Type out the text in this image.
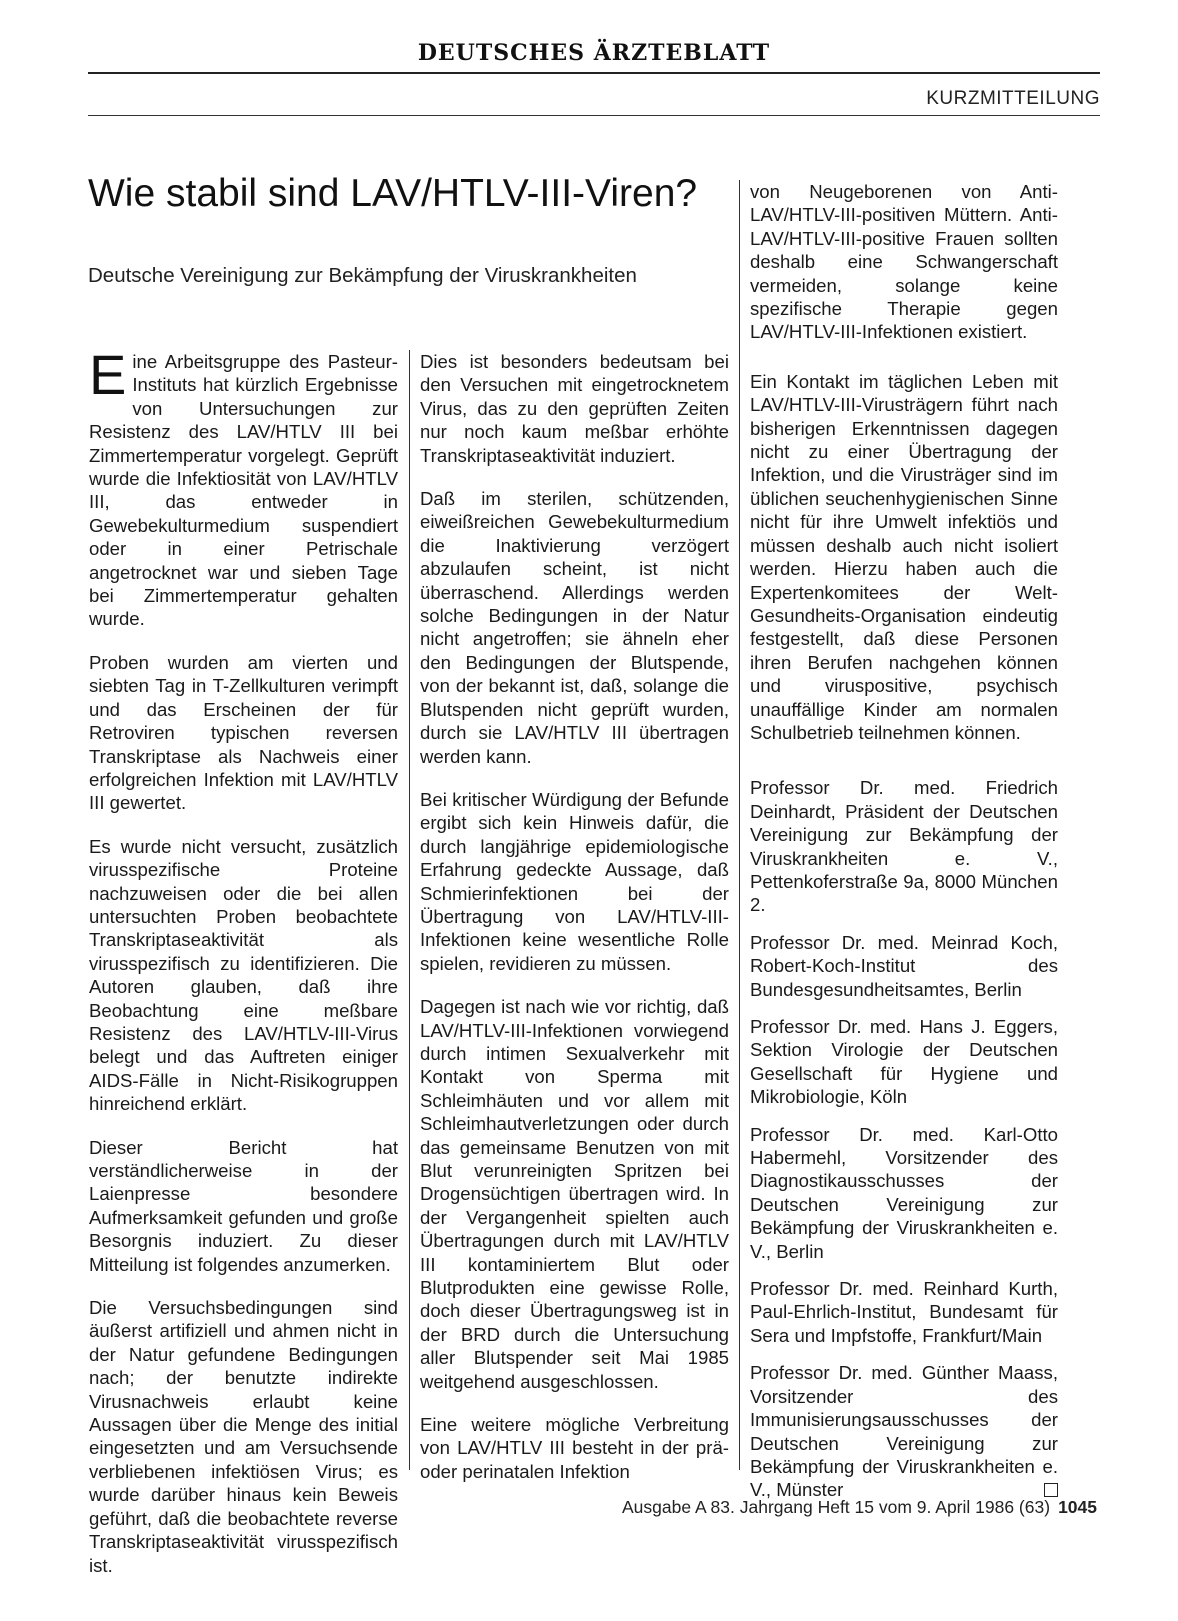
DEUTSCHES ÄRZTEBLATT
KURZMITTEILUNG
Wie stabil sind LAV/HTLV-III-Viren?
Deutsche Vereinigung zur Bekämpfung der Viruskrankheiten

Eine Arbeitsgruppe des Pasteur-Instituts hat kürzlich Ergebnisse von Untersuchungen zur Resistenz des LAV/HTLV III bei Zimmertemperatur vorgelegt. Geprüft wurde die Infektiosität von LAV/HTLV III, das entweder in Gewebekulturmedium suspendiert oder in einer Petrischale angetrocknet war und sieben Tage bei Zimmertemperatur gehalten wurde.

Proben wurden am vierten und siebten Tag in T-Zellkulturen verimpft und das Erscheinen der für Retroviren typischen reversen Transkriptase als Nachweis einer erfolgreichen Infektion mit LAV/HTLV III gewertet.

Es wurde nicht versucht, zusätzlich virusspezifische Proteine nachzuweisen oder die bei allen untersuchten Proben beobachtete Transkriptaseaktivität als virusspezifisch zu identifizieren. Die Autoren glauben, daß ihre Beobachtung eine meßbare Resistenz des LAV/HTLV-III-Virus belegt und das Auftreten einiger AIDS-Fälle in Nicht-Risikogruppen hinreichend erklärt.

Dieser Bericht hat verständlicherweise in der Laienpresse besondere Aufmerksamkeit gefunden und große Besorgnis induziert. Zu dieser Mitteilung ist folgendes anzumerken.

Die Versuchsbedingungen sind äußerst artifiziell und ahmen nicht in der Natur gefundene Bedingungen nach; der benutzte indirekte Virusnachweis erlaubt keine Aussagen über die Menge des initial eingesetzten und am Versuchsende verbliebenen infektiösen Virus; es wurde darüber hinaus kein Beweis geführt, daß die beobachtete reverse Transkriptaseaktivität virusspezifisch ist.

Dies ist besonders bedeutsam bei den Versuchen mit eingetrocknetem Virus, das zu den geprüften Zeiten nur noch kaum meßbar erhöhte Transkriptaseaktivität induziert.

Daß im sterilen, schützenden, eiweißreichen Gewebekulturmedium die Inaktivierung verzögert abzulaufen scheint, ist nicht überraschend. Allerdings werden solche Bedingungen in der Natur nicht angetroffen; sie ähneln eher den Bedingungen der Blutspende, von der bekannt ist, daß, solange die Blutspenden nicht geprüft wurden, durch sie LAV/HTLV III übertragen werden kann.

Bei kritischer Würdigung der Befunde ergibt sich kein Hinweis dafür, die durch langjährige epidemiologische Erfahrung gedeckte Aussage, daß Schmierinfektionen bei der Übertragung von LAV/HTLV-III-Infektionen keine wesentliche Rolle spielen, revidieren zu müssen.

Dagegen ist nach wie vor richtig, daß LAV/HTLV-III-Infektionen vorwiegend durch intimen Sexualverkehr mit Kontakt von Sperma mit Schleimhäuten und vor allem mit Schleimhautverletzungen oder durch das gemeinsame Benutzen von mit Blut verunreinigten Spritzen bei Drogensüchtigen übertragen wird. In der Vergangenheit spielten auch Übertragungen durch mit LAV/HTLV III kontaminiertem Blut oder Blutprodukten eine gewisse Rolle, doch dieser Übertragungsweg ist in der BRD durch die Untersuchung aller Blutspender seit Mai 1985 weitgehend ausgeschlossen.

Eine weitere mögliche Verbreitung von LAV/HTLV III besteht in der prä- oder perinatalen Infektion

von Neugeborenen von Anti-LAV/HTLV-III-positiven Müttern. Anti-LAV/HTLV-III-positive Frauen sollten deshalb eine Schwangerschaft vermeiden, solange keine spezifische Therapie gegen LAV/HTLV-III-Infektionen existiert.

Ein Kontakt im täglichen Leben mit LAV/HTLV-III-Virusträgern führt nach bisherigen Erkenntnissen dagegen nicht zu einer Übertragung der Infektion, und die Virusträger sind im üblichen seuchenhygienischen Sinne nicht für ihre Umwelt infektiös und müssen deshalb auch nicht isoliert werden. Hierzu haben auch die Expertenkomitees der Welt-Gesundheits-Organisation eindeutig festgestellt, daß diese Personen ihren Berufen nachgehen können und viruspositive, psychisch unauffällige Kinder am normalen Schulbetrieb teilnehmen können.

Professor Dr. med. Friedrich Deinhardt, Präsident der Deutschen Vereinigung zur Bekämpfung der Viruskrankheiten e. V., Pettenkoferstraße 9a, 8000 München 2.

Professor Dr. med. Meinrad Koch, Robert-Koch-Institut des Bundesgesundheitsamtes, Berlin

Professor Dr. med. Hans J. Eggers, Sektion Virologie der Deutschen Gesellschaft für Hygiene und Mikrobiologie, Köln

Professor Dr. med. Karl-Otto Habermehl, Vorsitzender des Diagnostikausschusses der Deutschen Vereinigung zur Bekämpfung der Viruskrankheiten e. V., Berlin

Professor Dr. med. Reinhard Kurth, Paul-Ehrlich-Institut, Bundesamt für Sera und Impfstoffe, Frankfurt/Main

Professor Dr. med. Günther Maass, Vorsitzender des Immunisierungsausschusses der Deutschen Vereinigung zur Bekämpfung der Viruskrankheiten e. V., Münster

Ausgabe A 83. Jahrgang Heft 15 vom 9. April 1986 (63) 1045
